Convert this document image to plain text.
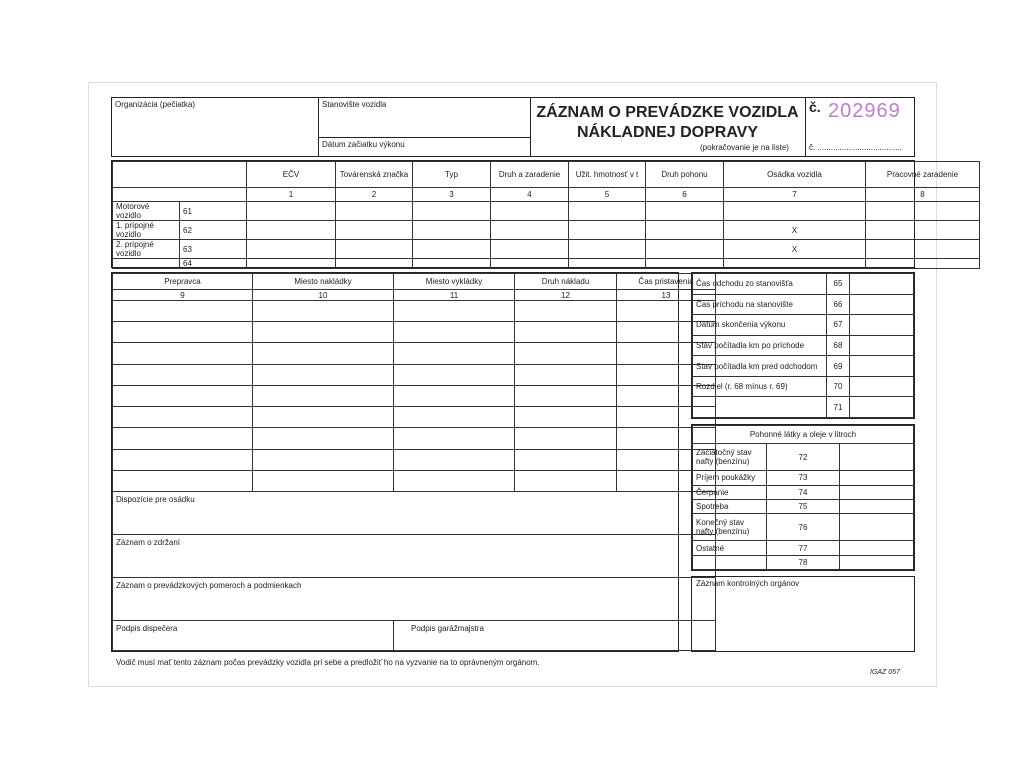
Organizácia (pečiatka)	Stanovište vozidla
Dátum začiatku výkonu
ZÁZNAM O PREVÁDZKE VOZIDLA
NÁKLADNEJ DOPRAVY
(pokračovanie je na liste)
č. 202969
č. ......................................
		EČV	Továrenská značka	Typ	Druh a zaradenie	Užit. hmotnosť v t	Druh pohonu	Osádka vozidla	Pracovné zaradenie
		1	2	3	4	5	6	7	8
Motorové vozidlo	61								
1. prípojné vozidlo	62							X	
2. prípojné vozidlo	63							X	
	64								
Prepravca	Miesto nakládky	Miesto vykládky	Druh nákladu	Čas pristavenia
9	10	11	12	13

Dispozície pre osádku				
Záznam o zdržaní				
Záznam o prevádzkových pomeroch a podmienkach				
Podpis dispečera		Podpis garážmajstra		
Čas odchodu zo stanovišťa	65	
Čas príchodu na stanovište	66	
Dátum skončenia výkonu	67	
Stav počítadla km po príchode	68	
Stav počítadla km pred odchodom	69	
Rozdiel (r. 68 mínus r. 69)	70	
	71	
Pohonné látky a oleje v litroch		
Začiatočný stav nafty (benzínu)	72	
Príjem poukážky	73	
Čerpanie	74	
Spotreba	75	
Konečný stav nafty (benzínu)	76	
Ostatné	77	
	78	
Záznam kontrolných orgánov
Vodič musí mať tento záznam počas prevádzky vozidla pri sebe a predložiť ho na vyzvanie na to oprávneným orgánom.
IGAZ 057
